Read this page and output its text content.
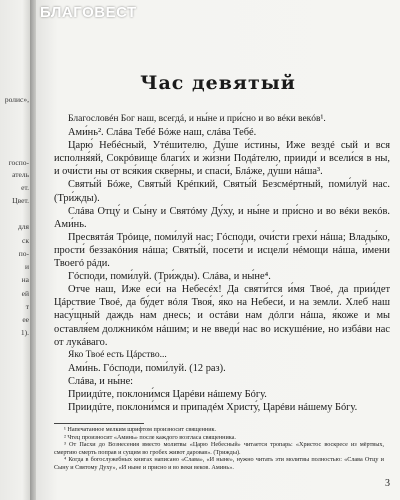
ролис»,
госпо-
атель
ет.
Цвет.
для
ск
по-
и
на
ей
т
ее
1).
БЛАГОВЕСТ
Час девятый

Благословéн Бог наш, всегдá, и ны́не и при́сно и во вéки векóв¹.

Ами́нь². Слáва Тебé Бóже наш, слáва Тебé.

Царю́ Небéсный, Утéшителю, Ду́ше и́стины, Иже вездé сый и вся исполня́яй, Сокрóвище благи́х и жи́зни Подáтелю, прииди́ и всели́ся в ны, и очи́сти ны от вся́кия скве́рны, и спаси́, Блáже, ду́ши нáша³.

Святы́й Бóже, Святы́й Крéпкий, Святы́й Безсмéртный, поми́луй нас. (Три́жды).

Слáва Отцу́ и Сы́ну и Святóму Ду́ху, и ны́не и при́сно и во вéки векóв. Ами́нь.

Пресвятáя Трóице, поми́луй нас; Гóсподи, очи́сти грехи́ нáша; Влады́ко, прости́ беззакóния нáша; Святы́й, посети́ и исцели́ нéмощи нáша, и́мени Твоегó рáди.

Гóсподи, поми́луй. (Три́жды). Слáва, и ны́не⁴.

Отче наш, Иже еси́ на Небесéх! Да святи́тся и́мя Твоé, да прии́дет Цáрствие Твоé, да бу́дет вóля Твоя́, я́ко на Небеси́, и на земли́. Хлеб наш насу́щный даждь нам днесь; и остáви нам дóлги нáша, я́коже и мы оставля́ем должникóм нáшим; и не введи́ нас во искушéние, но избáви нас от лукáваго.

Яко Твоé есть Цáрство...

Ами́нь. Гóсподи, поми́луй. (12 раз).

Слáва, и ны́не:

Приидúте, поклони́мся Царéви нáшему Бóгу.

Приидúте, поклони́мся и припадéм Христу́, Царéви нáшему Бóгу.

¹ Напечатанное мелким шрифтом произносит священник.

² Чтец произносит «Аминь» после каждого возгласа священника.

³ От Пасхи до Вознесения вместо молитвы «Царю Небесный» читается тропарь: «Христос воскресе из мёртвых, смертию смерть поправ и сущим во гробех живот даровав». (Трижды).

⁴ Когда в богослужебных книгах написано «Слава», «И ныне», нужно читать эти молитвы полностью: «Слава Отцу и Сыну и Святому Духу», «И ныне и присно и во веки веков. Аминь».

3
